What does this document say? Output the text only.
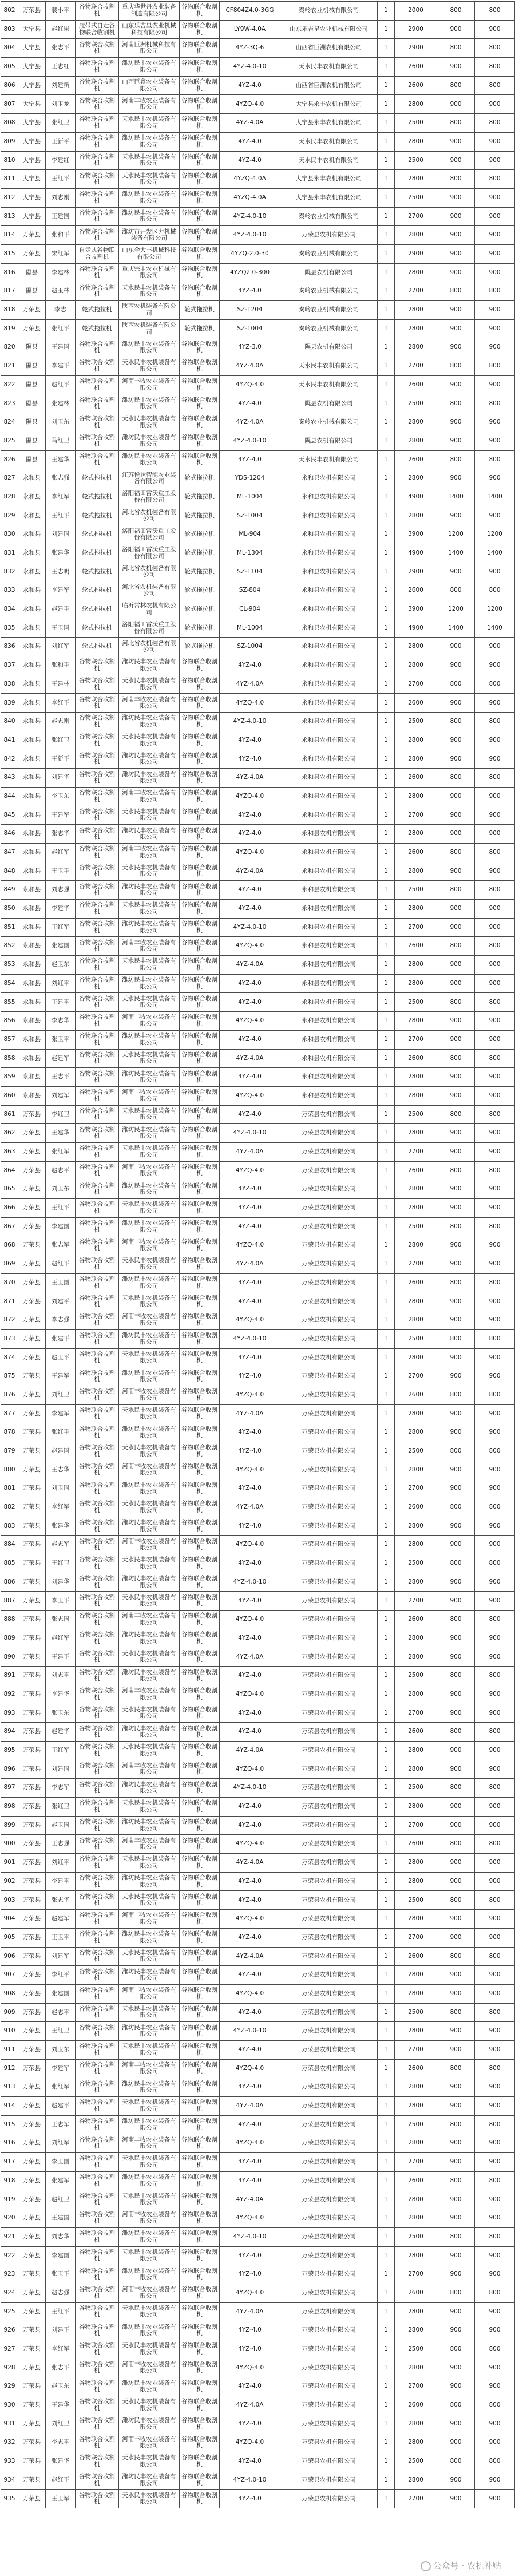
802	万荣县	裴小平	谷物联合收割机	重庆华世丹农业装备制造有限公司	谷物联合收割机	CF804Z4.0-3GG	秦岭农业机械有限公司	1	2000	800	800
803	大宁县	赵红果	履带式自走谷物联合收割机	山东乐吉星农业机械科技有限公司	谷物联合收割机	LY9W-4.0A	山东乐吉星农业机械有限公司	1	2900	900	900
804	大宁县	张志平	谷物联合收割机	河南巨洲机械科技有限公司	谷物联合收割机	4YZ-3Q-6	山西省巨洲农机有限公司	1	2900	800	800
805	大宁县	王志红	谷物联合收割机	潍坊民丰农业装备有限公司	谷物联合收割机	4YZ-4.0-10	天水民丰农机有限公司	1	2600	900	800
806	大宁县	刘建新	谷物联合收割机	山西巨鑫农业装备有限公司	谷物联合收割机	4YZ-4.0	山西省巨洲农机有限公司	1	2600	800	800
807	大宁县	刘玉龙	谷物联合收割机	河南丰收农业装备有限公司	谷物联合收割机	4YZQ-4.0	大宁县永丰农机有限公司	1	2800	900	900
808	大宁县	张红卫	谷物联合收割机	天水民丰农机装备有限公司	谷物联合收割机	4YZ-4.0A	大宁县永丰农机有限公司	1	2500	800	800
809	大宁县	王新平	谷物联合收割机	潍坊民丰农业装备有限公司	谷物联合收割机	4YZ-4.0	天水民丰农机有限公司	1	2800	900	900
810	大宁县	李建红	谷物联合收割机	天水民丰农机装备有限公司	谷物联合收割机	4YZ-4.0	天水民丰农机有限公司	1	2500	900	900
811	大宁县	王红平	谷物联合收割机	天水民丰农机装备有限公司	谷物联合收割机	4YZQ-4.0A	大宁县永丰农机有限公司	1	2800	800	800
812	大宁县	刘志刚	谷物联合收割机	潍坊民丰农业装备有限公司	谷物联合收割机	4YZQ-4.0A	大宁县永丰农机有限公司	1	2500	900	900
813	大宁县	王建国	谷物联合收割机	潍坊民丰农业装备有限公司	谷物联合收割机	4YZ-4.0-10	秦岭农业机械有限公司	1	2700	900	900
814	万荣县	张和平	谷物联合收割机	潍坊市开发区力机械装备有限公司	谷物联合收割机	4YZ-4.0-10	万荣县农机有限公司	1	2800	900	900
815	万荣县	宋红军	自走式谷物联合收割机	山东金大丰机械科技有限公司	谷物联合收割机	4YZQ-2.0-30	秦岭农业机械有限公司	1	2900	900	900
816	隰县	李建林	谷物联合收割机	重庆宗申农业机械有限公司	谷物联合收割机	4YZQ2.0-300	隰县农机有限公司	1	2800	900	900
817	隰县	赵玉林	谷物联合收割机	天水民丰农机装备有限公司	谷物联合收割机	4YZ-4.0	秦岭农业机械有限公司	1	2700	800	800
818	万荣县	李志	轮式拖拉机	陕西农机装备有限公司	轮式拖拉机	SZ-1204	秦岭农业机械有限公司	1	2800	900	900
819	万荣县	张红平	轮式拖拉机	陕西农机装备有限公司	轮式拖拉机	SZ-1004	秦岭农业机械有限公司	1	2800	900	900
820	隰县	王建国	谷物联合收割机	潍坊民丰农业装备有限公司	谷物联合收割机	4YZ-3.0	隰县农机有限公司	1	2800	900	900
821	隰县	李建平	谷物联合收割机	天水民丰农机装备有限公司	谷物联合收割机	4YZ-4.0A	天水民丰农机有限公司	1	2700	800	800
822	隰县	赵红平	谷物联合收割机	河南丰收农业装备有限公司	谷物联合收割机	4YZQ-4.0	天水民丰农机有限公司	1	2600	900	900
823	隰县	张建林	谷物联合收割机	潍坊民丰农业装备有限公司	谷物联合收割机	4YZ-4.0	隰县农机有限公司	1	2500	800	800
824	隰县	刘卫东	谷物联合收割机	天水民丰农机装备有限公司	谷物联合收割机	4YZ-4.0A	秦岭农业机械有限公司	1	2800	900	900
825	隰县	马红卫	谷物联合收割机	潍坊民丰农业装备有限公司	谷物联合收割机	4YZ-4.0-10	隰县农机有限公司	1	2800	900	900
826	隰县	王建华	谷物联合收割机	潍坊民丰农业装备有限公司	谷物联合收割机	4YZ-4.0	天水民丰农机有限公司	1	2600	800	800
827	永和县	张志强	轮式拖拉机	江苏悦达智能农业装备有限公司	轮式拖拉机	YDS-1204	永和县农机有限公司	1	2800	900	900
828	永和县	李红军	轮式拖拉机	洛阳福田雷沃重工股份有限公司	轮式拖拉机	ML-1004	永和县农机有限公司	1	4900	1400	1400
829	永和县	王红平	轮式拖拉机	河北省农机装备有限公司	轮式拖拉机	SZ-1004	永和县农机有限公司	1	2800	900	900
830	永和县	刘建国	轮式拖拉机	洛阳福田雷沃重工股份有限公司	轮式拖拉机	ML-904	永和县农机有限公司	1	3900	1200	1200
831	永和县	张建华	轮式拖拉机	洛阳福田雷沃重工股份有限公司	轮式拖拉机	ML-1304	永和县农机有限公司	1	4900	1400	1400
832	永和县	王志明	轮式拖拉机	河北省农机装备有限公司	轮式拖拉机	SZ-1104	永和县农机有限公司	1	2900	900	900
833	永和县	李建军	轮式拖拉机	河北省农机装备有限公司	轮式拖拉机	SZ-804	永和县农机有限公司	1	2600	800	800
834	永和县	赵建平	轮式拖拉机	临沂常林农机有限公司	轮式拖拉机	CL-904	永和县农机有限公司	1	3900	1200	1200
835	永和县	王卫国	轮式拖拉机	洛阳福田雷沃重工股份有限公司	轮式拖拉机	ML-1004	永和县农机有限公司	1	4900	1400	1400
836	永和县	刘红军	轮式拖拉机	河北省农机装备有限公司	轮式拖拉机	SZ-1004	永和县农机有限公司	1	2800	900	900
837	永和县	张和平	谷物联合收割机	潍坊民丰农业装备有限公司	谷物联合收割机	4YZ-4.0	永和县农机有限公司	1	2800	900	900
838	永和县	王建林	谷物联合收割机	天水民丰农机装备有限公司	谷物联合收割机	4YZ-4.0A	永和县农机有限公司	1	2700	800	800
839	永和县	李红平	谷物联合收割机	河南丰收农业装备有限公司	谷物联合收割机	4YZQ-4.0	永和县农机有限公司	1	2600	900	900
840	永和县	赵志刚	谷物联合收割机	潍坊民丰农业装备有限公司	谷物联合收割机	4YZ-4.0-10	永和县农机有限公司	1	2500	800	800
841	永和县	张红卫	谷物联合收割机	天水民丰农机装备有限公司	谷物联合收割机	4YZ-4.0	永和县农机有限公司	1	2800	900	900
842	永和县	王新平	谷物联合收割机	潍坊民丰农业装备有限公司	谷物联合收割机	4YZ-4.0	永和县农机有限公司	1	2800	900	900
843	永和县	刘建华	谷物联合收割机	潍坊民丰农业装备有限公司	谷物联合收割机	4YZ-4.0A	永和县农机有限公司	1	2600	800	800
844	永和县	李卫东	谷物联合收割机	河南丰收农业装备有限公司	谷物联合收割机	4YZQ-4.0	永和县农机有限公司	1	2800	900	900
845	永和县	王建军	谷物联合收割机	天水民丰农机装备有限公司	谷物联合收割机	4YZ-4.0	永和县农机有限公司	1	2700	900	900
846	永和县	张志华	谷物联合收割机	潍坊民丰农业装备有限公司	谷物联合收割机	4YZ-4.0	永和县农机有限公司	1	2800	900	900
847	永和县	赵红军	谷物联合收割机	河南丰收农业装备有限公司	谷物联合收割机	4YZQ-4.0	永和县农机有限公司	1	2600	800	800
848	永和县	王卫平	谷物联合收割机	天水民丰农机装备有限公司	谷物联合收割机	4YZ-4.0A	永和县农机有限公司	1	2800	900	900
849	永和县	刘志强	谷物联合收割机	潍坊民丰农业装备有限公司	谷物联合收割机	4YZ-4.0	永和县农机有限公司	1	2500	800	800
850	永和县	李建华	谷物联合收割机	天水民丰农机装备有限公司	谷物联合收割机	4YZ-4.0	永和县农机有限公司	1	2800	900	900
851	永和县	王红军	谷物联合收割机	潍坊民丰农业装备有限公司	谷物联合收割机	4YZ-4.0-10	永和县农机有限公司	1	2700	900	900
852	永和县	张建国	谷物联合收割机	河南丰收农业装备有限公司	谷物联合收割机	4YZQ-4.0	永和县农机有限公司	1	2600	800	800
853	永和县	赵卫东	谷物联合收割机	天水民丰农机装备有限公司	谷物联合收割机	4YZ-4.0A	永和县农机有限公司	1	2800	900	900
854	永和县	刘红平	谷物联合收割机	潍坊民丰农业装备有限公司	谷物联合收割机	4YZ-4.0	永和县农机有限公司	1	2800	900	900
855	永和县	王建平	谷物联合收割机	天水民丰农机装备有限公司	谷物联合收割机	4YZ-4.0	永和县农机有限公司	1	2500	800	800
856	永和县	李志华	谷物联合收割机	河南丰收农业装备有限公司	谷物联合收割机	4YZQ-4.0	永和县农机有限公司	1	2800	900	900
857	永和县	张卫平	谷物联合收割机	潍坊民丰农业装备有限公司	谷物联合收割机	4YZ-4.0	永和县农机有限公司	1	2700	900	900
858	永和县	赵建军	谷物联合收割机	天水民丰农机装备有限公司	谷物联合收割机	4YZ-4.0A	永和县农机有限公司	1	2600	800	800
859	永和县	王志平	谷物联合收割机	潍坊民丰农业装备有限公司	谷物联合收割机	4YZ-4.0	永和县农机有限公司	1	2800	900	900
860	永和县	刘建军	谷物联合收割机	河南丰收农业装备有限公司	谷物联合收割机	4YZQ-4.0	永和县农机有限公司	1	2800	900	900
861	万荣县	李红卫	谷物联合收割机	天水民丰农机装备有限公司	谷物联合收割机	4YZ-4.0	万荣县农机有限公司	1	2500	800	800
862	万荣县	王建华	谷物联合收割机	潍坊民丰农业装备有限公司	谷物联合收割机	4YZ-4.0-10	万荣县农机有限公司	1	2800	900	900
863	万荣县	张红军	谷物联合收割机	天水民丰农机装备有限公司	谷物联合收割机	4YZ-4.0A	万荣县农机有限公司	1	2700	900	900
864	万荣县	赵志平	谷物联合收割机	河南丰收农业装备有限公司	谷物联合收割机	4YZQ-4.0	万荣县农机有限公司	1	2600	800	800
865	万荣县	刘卫东	谷物联合收割机	潍坊民丰农业装备有限公司	谷物联合收割机	4YZ-4.0	万荣县农机有限公司	1	2800	900	900
866	万荣县	王红平	谷物联合收割机	天水民丰农机装备有限公司	谷物联合收割机	4YZ-4.0	万荣县农机有限公司	1	2800	900	900
867	万荣县	李建国	谷物联合收割机	潍坊民丰农业装备有限公司	谷物联合收割机	4YZ-4.0	万荣县农机有限公司	1	2500	800	800
868	万荣县	张志军	谷物联合收割机	河南丰收农业装备有限公司	谷物联合收割机	4YZQ-4.0	万荣县农机有限公司	1	2800	900	900
869	万荣县	赵红平	谷物联合收割机	天水民丰农机装备有限公司	谷物联合收割机	4YZ-4.0A	万荣县农机有限公司	1	2700	900	900
870	万荣县	王卫国	谷物联合收割机	潍坊民丰农业装备有限公司	谷物联合收割机	4YZ-4.0	万荣县农机有限公司	1	2600	800	800
871	万荣县	刘建平	谷物联合收割机	天水民丰农机装备有限公司	谷物联合收割机	4YZ-4.0	万荣县农机有限公司	1	2800	900	900
872	万荣县	李志强	谷物联合收割机	河南丰收农业装备有限公司	谷物联合收割机	4YZQ-4.0	万荣县农机有限公司	1	2800	900	900
873	万荣县	张建平	谷物联合收割机	潍坊民丰农业装备有限公司	谷物联合收割机	4YZ-4.0-10	万荣县农机有限公司	1	2500	800	800
874	万荣县	赵卫平	谷物联合收割机	天水民丰农机装备有限公司	谷物联合收割机	4YZ-4.0	万荣县农机有限公司	1	2800	900	900
875	万荣县	王建军	谷物联合收割机	潍坊民丰农业装备有限公司	谷物联合收割机	4YZ-4.0	万荣县农机有限公司	1	2700	900	900
876	万荣县	刘红卫	谷物联合收割机	河南丰收农业装备有限公司	谷物联合收割机	4YZQ-4.0	万荣县农机有限公司	1	2600	800	800
877	万荣县	李建军	谷物联合收割机	天水民丰农机装备有限公司	谷物联合收割机	4YZ-4.0A	万荣县农机有限公司	1	2800	900	900
878	万荣县	张红平	谷物联合收割机	潍坊民丰农业装备有限公司	谷物联合收割机	4YZ-4.0	万荣县农机有限公司	1	2800	900	900
879	万荣县	赵建国	谷物联合收割机	天水民丰农机装备有限公司	谷物联合收割机	4YZ-4.0	万荣县农机有限公司	1	2500	800	800
880	万荣县	王志华	谷物联合收割机	河南丰收农业装备有限公司	谷物联合收割机	4YZQ-4.0	万荣县农机有限公司	1	2800	900	900
881	万荣县	刘卫国	谷物联合收割机	潍坊民丰农业装备有限公司	谷物联合收割机	4YZ-4.0	万荣县农机有限公司	1	2700	900	900
882	万荣县	李红军	谷物联合收割机	天水民丰农机装备有限公司	谷物联合收割机	4YZ-4.0A	万荣县农机有限公司	1	2600	800	800
883	万荣县	张建华	谷物联合收割机	潍坊民丰农业装备有限公司	谷物联合收割机	4YZ-4.0	万荣县农机有限公司	1	2800	900	900
884	万荣县	赵志军	谷物联合收割机	河南丰收农业装备有限公司	谷物联合收割机	4YZQ-4.0	万荣县农机有限公司	1	2800	900	900
885	万荣县	王红卫	谷物联合收割机	天水民丰农机装备有限公司	谷物联合收割机	4YZ-4.0	万荣县农机有限公司	1	2500	800	800
886	万荣县	刘建华	谷物联合收割机	潍坊民丰农业装备有限公司	谷物联合收割机	4YZ-4.0-10	万荣县农机有限公司	1	2800	900	900
887	万荣县	李卫平	谷物联合收割机	天水民丰农机装备有限公司	谷物联合收割机	4YZ-4.0	万荣县农机有限公司	1	2700	900	900
888	万荣县	张志国	谷物联合收割机	河南丰收农业装备有限公司	谷物联合收割机	4YZQ-4.0	万荣县农机有限公司	1	2600	800	800
889	万荣县	赵红军	谷物联合收割机	潍坊民丰农业装备有限公司	谷物联合收割机	4YZ-4.0	万荣县农机有限公司	1	2800	900	900
890	万荣县	王建平	谷物联合收割机	天水民丰农机装备有限公司	谷物联合收割机	4YZ-4.0A	万荣县农机有限公司	1	2800	900	900
891	万荣县	刘志平	谷物联合收割机	潍坊民丰农业装备有限公司	谷物联合收割机	4YZ-4.0	万荣县农机有限公司	1	2500	800	800
892	万荣县	李建华	谷物联合收割机	河南丰收农业装备有限公司	谷物联合收割机	4YZQ-4.0	万荣县农机有限公司	1	2800	900	900
893	万荣县	张卫东	谷物联合收割机	天水民丰农机装备有限公司	谷物联合收割机	4YZ-4.0	万荣县农机有限公司	1	2700	900	900
894	万荣县	赵建华	谷物联合收割机	潍坊民丰农业装备有限公司	谷物联合收割机	4YZ-4.0	万荣县农机有限公司	1	2600	800	800
895	万荣县	王红军	谷物联合收割机	天水民丰农机装备有限公司	谷物联合收割机	4YZ-4.0A	万荣县农机有限公司	1	2800	900	900
896	万荣县	刘建国	谷物联合收割机	河南丰收农业装备有限公司	谷物联合收割机	4YZQ-4.0	万荣县农机有限公司	1	2800	900	900
897	万荣县	李志军	谷物联合收割机	潍坊民丰农业装备有限公司	谷物联合收割机	4YZ-4.0-10	万荣县农机有限公司	1	2500	800	800
898	万荣县	张红卫	谷物联合收割机	天水民丰农机装备有限公司	谷物联合收割机	4YZ-4.0	万荣县农机有限公司	1	2800	900	900
899	万荣县	赵卫国	谷物联合收割机	潍坊民丰农业装备有限公司	谷物联合收割机	4YZ-4.0	万荣县农机有限公司	1	2700	900	900
900	万荣县	王志强	谷物联合收割机	河南丰收农业装备有限公司	谷物联合收割机	4YZQ-4.0	万荣县农机有限公司	1	2600	800	800
901	万荣县	刘红平	谷物联合收割机	天水民丰农机装备有限公司	谷物联合收割机	4YZ-4.0A	万荣县农机有限公司	1	2800	900	900
902	万荣县	李建平	谷物联合收割机	潍坊民丰农业装备有限公司	谷物联合收割机	4YZ-4.0	万荣县农机有限公司	1	2800	900	900
903	万荣县	张志华	谷物联合收割机	天水民丰农机装备有限公司	谷物联合收割机	4YZ-4.0	万荣县农机有限公司	1	2500	800	800
904	万荣县	赵建军	谷物联合收割机	河南丰收农业装备有限公司	谷物联合收割机	4YZQ-4.0	万荣县农机有限公司	1	2800	900	900
905	万荣县	王卫平	谷物联合收割机	潍坊民丰农业装备有限公司	谷物联合收割机	4YZ-4.0	万荣县农机有限公司	1	2700	900	900
906	万荣县	刘建军	谷物联合收割机	天水民丰农机装备有限公司	谷物联合收割机	4YZ-4.0A	万荣县农机有限公司	1	2600	800	800
907	万荣县	李红平	谷物联合收割机	潍坊民丰农业装备有限公司	谷物联合收割机	4YZ-4.0	万荣县农机有限公司	1	2800	900	900
908	万荣县	张建国	谷物联合收割机	河南丰收农业装备有限公司	谷物联合收割机	4YZQ-4.0	万荣县农机有限公司	1	2800	900	900
909	万荣县	赵志平	谷物联合收割机	天水民丰农机装备有限公司	谷物联合收割机	4YZ-4.0	万荣县农机有限公司	1	2500	800	800
910	万荣县	王红卫	谷物联合收割机	潍坊民丰农业装备有限公司	谷物联合收割机	4YZ-4.0-10	万荣县农机有限公司	1	2800	900	900
911	万荣县	刘卫东	谷物联合收割机	天水民丰农机装备有限公司	谷物联合收割机	4YZ-4.0	万荣县农机有限公司	1	2700	900	900
912	万荣县	李建军	谷物联合收割机	河南丰收农业装备有限公司	谷物联合收割机	4YZQ-4.0	万荣县农机有限公司	1	2600	800	800
913	万荣县	张红军	谷物联合收割机	潍坊民丰农业装备有限公司	谷物联合收割机	4YZ-4.0	万荣县农机有限公司	1	2800	900	900
914	万荣县	赵建平	谷物联合收割机	天水民丰农机装备有限公司	谷物联合收割机	4YZ-4.0A	万荣县农机有限公司	1	2800	900	900
915	万荣县	王志军	谷物联合收割机	潍坊民丰农业装备有限公司	谷物联合收割机	4YZ-4.0	万荣县农机有限公司	1	2500	800	800
916	万荣县	刘红军	谷物联合收割机	河南丰收农业装备有限公司	谷物联合收割机	4YZQ-4.0	万荣县农机有限公司	1	2800	900	900
917	万荣县	李卫国	谷物联合收割机	天水民丰农机装备有限公司	谷物联合收割机	4YZ-4.0	万荣县农机有限公司	1	2700	900	900
918	万荣县	张建军	谷物联合收割机	潍坊民丰农业装备有限公司	谷物联合收割机	4YZ-4.0	万荣县农机有限公司	1	2600	800	800
919	万荣县	赵红卫	谷物联合收割机	天水民丰农机装备有限公司	谷物联合收割机	4YZ-4.0A	万荣县农机有限公司	1	2800	900	900
920	万荣县	王建国	谷物联合收割机	河南丰收农业装备有限公司	谷物联合收割机	4YZQ-4.0	万荣县农机有限公司	1	2800	900	900
921	万荣县	刘志华	谷物联合收割机	潍坊民丰农业装备有限公司	谷物联合收割机	4YZ-4.0-10	万荣县农机有限公司	1	2500	800	800
922	万荣县	李建国	谷物联合收割机	天水民丰农机装备有限公司	谷物联合收割机	4YZ-4.0	万荣县农机有限公司	1	2800	900	900
923	万荣县	张卫平	谷物联合收割机	潍坊民丰农业装备有限公司	谷物联合收割机	4YZ-4.0	万荣县农机有限公司	1	2700	900	900
924	万荣县	赵志强	谷物联合收割机	河南丰收农业装备有限公司	谷物联合收割机	4YZQ-4.0	万荣县农机有限公司	1	2600	800	800
925	万荣县	王红平	谷物联合收割机	天水民丰农机装备有限公司	谷物联合收割机	4YZ-4.0A	万荣县农机有限公司	1	2800	900	900
926	万荣县	刘建平	谷物联合收割机	潍坊民丰农业装备有限公司	谷物联合收割机	4YZ-4.0	万荣县农机有限公司	1	2800	900	900
927	万荣县	李红军	谷物联合收割机	天水民丰农机装备有限公司	谷物联合收割机	4YZ-4.0	万荣县农机有限公司	1	2500	800	800
928	万荣县	张志平	谷物联合收割机	河南丰收农业装备有限公司	谷物联合收割机	4YZQ-4.0	万荣县农机有限公司	1	2800	900	900
929	万荣县	赵卫东	谷物联合收割机	潍坊民丰农业装备有限公司	谷物联合收割机	4YZ-4.0	万荣县农机有限公司	1	2700	900	900
930	万荣县	王建华	谷物联合收割机	天水民丰农机装备有限公司	谷物联合收割机	4YZ-4.0A	万荣县农机有限公司	1	2600	800	800
931	万荣县	刘红卫	谷物联合收割机	潍坊民丰农业装备有限公司	谷物联合收割机	4YZ-4.0	万荣县农机有限公司	1	2800	900	900
932	万荣县	李志平	谷物联合收割机	河南丰收农业装备有限公司	谷物联合收割机	4YZQ-4.0	万荣县农机有限公司	1	2800	900	900
933	万荣县	张建华	谷物联合收割机	天水民丰农机装备有限公司	谷物联合收割机	4YZ-4.0	万荣县农机有限公司	1	2500	800	800
934	万荣县	赵红平	谷物联合收割机	潍坊民丰农业装备有限公司	谷物联合收割机	4YZ-4.0-10	万荣县农机有限公司	1	2800	900	900
935	万荣县	王卫军	谷物联合收割机	天水民丰农机装备有限公司	谷物联合收割机	4YZ-4.0	万荣县农机有限公司	1	2700	900	900
公众号 · 农机补贴
